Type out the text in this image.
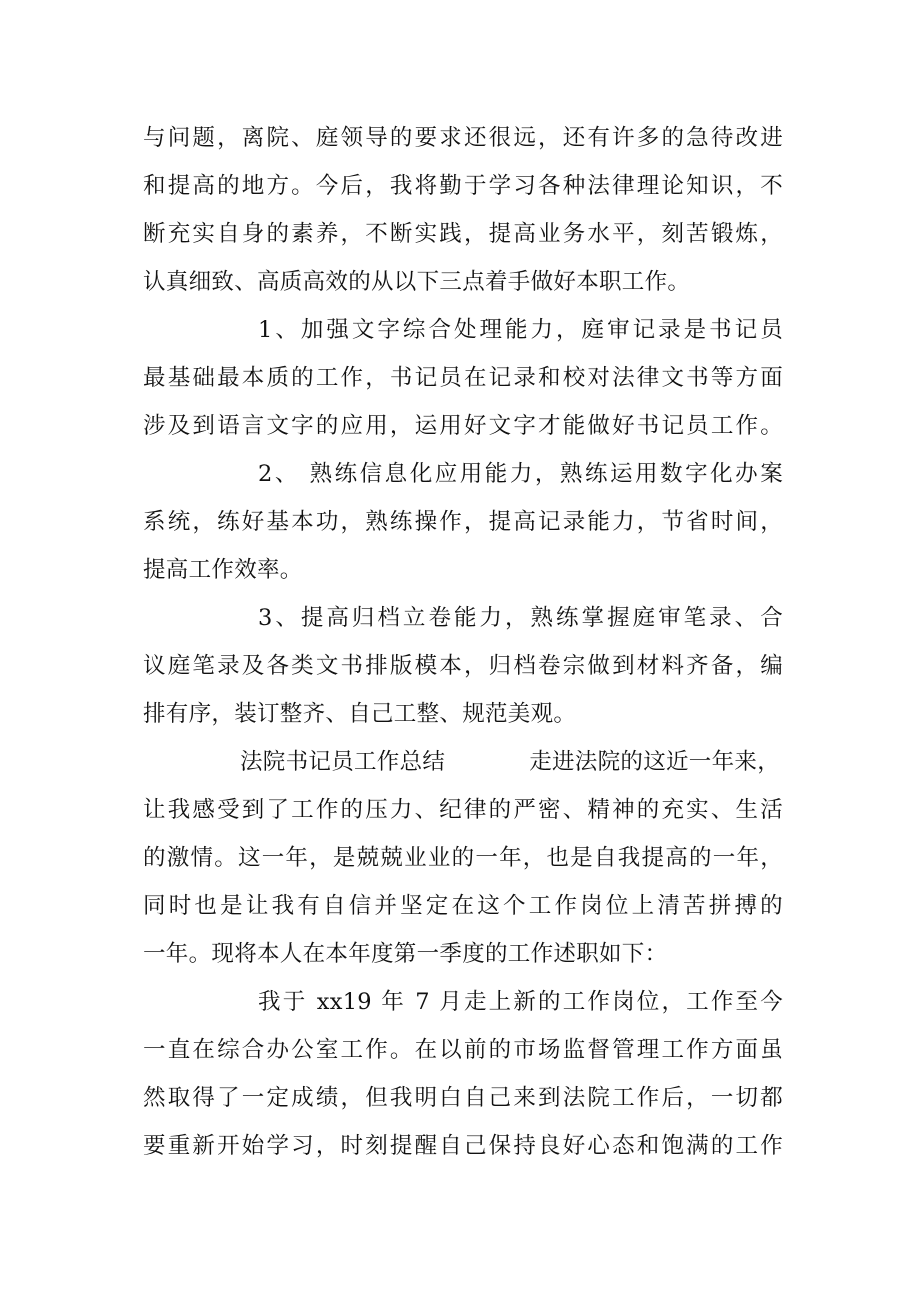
与问题，离院、庭领导的要求还很远，还有许多的急待改进
和提高的地方。今后，我将勤于学习各种法律理论知识，不
断充实自身的素养，不断实践，提高业务水平，刻苦锻炼，
认真细致、高质高效的从以下三点着手做好本职工作。
1、加强文字综合处理能力，庭审记录是书记员
最基础最本质的工作，书记员在记录和校对法律文书等方面
涉及到语言文字的应用，运用好文字才能做好书记员工作。
2、 熟练信息化应用能力，熟练运用数字化办案
系统，练好基本功，熟练操作，提高记录能力，节省时间，
提高工作效率。
3、提高归档立卷能力，熟练掌握庭审笔录、合
议庭笔录及各类文书排版模本，归档卷宗做到材料齐备，编
排有序，装订整齐、自己工整、规范美观。
法院书记员工作总结	走进法院的这近一年来，
让我感受到了工作的压力、纪律的严密、精神的充实、生活
的激情。这一年，是兢兢业业的一年，也是自我提高的一年，
同时也是让我有自信并坚定在这个工作岗位上清苦拼搏的
一年。现将本人在本年度第一季度的工作述职如下：
我于 xx19 年 7 月走上新的工作岗位，工作至今
一直在综合办公室工作。在以前的市场监督管理工作方面虽
然取得了一定成绩，但我明白自己来到法院工作后，一切都
要重新开始学习，时刻提醒自己保持良好心态和饱满的工作
